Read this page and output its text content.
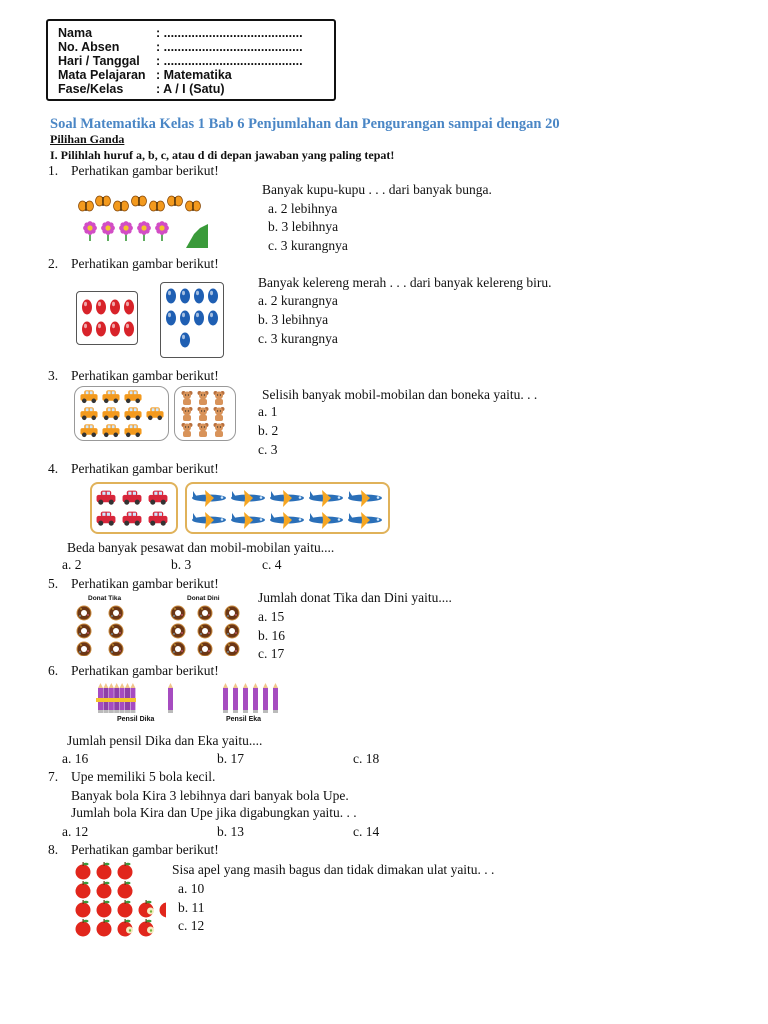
Nama	: ........................................
No. Absen	: ........................................
Hari / Tanggal : ........................................
Mata Pelajaran : Matematika
Fase/Kelas	: A / I (Satu)
Soal Matematika Kelas 1 Bab 6 Penjumlahan dan Pengurangan sampai dengan 20
Pilihan Ganda
I. Pilihlah huruf a, b, c, atau d di depan jawaban yang paling tepat!
1. Perhatikan gambar berikut!
Banyak kupu-kupu . . . dari banyak bunga.
a. 2 lebihnya
b. 3 lebihnya
c. 3 kurangnya
2. Perhatikan gambar berikut!
Banyak kelereng merah . . . dari banyak kelereng biru.
a. 2 kurangnya
b. 3 lebihnya
c. 3 kurangnya
3. Perhatikan gambar berikut!
Selisih banyak mobil-mobilan dan boneka yaitu. . .
a. 1
b. 2
c. 3
4. Perhatikan gambar berikut!
Beda banyak pesawat dan mobil-mobilan yaitu....
a. 2	b. 3	c. 4
5. Perhatikan gambar berikut!
Donat Tika	Donat Dini	Jumlah donat Tika dan Dini yaitu....
a. 15
b. 16
c. 17
6. Perhatikan gambar berikut!
Pensil Dika	Pensil Eka
Jumlah pensil Dika dan Eka yaitu....
a. 16	b. 17	c. 18
7. Upe memiliki 5 bola kecil.
Banyak bola Kira 3 lebihnya dari banyak bola Upe.
Jumlah bola Kira dan Upe jika digabungkan yaitu. . .
a. 12	b. 13	c. 14
8. Perhatikan gambar berikut!
Sisa apel yang masih bagus dan tidak dimakan ulat yaitu. . .
a. 10
b. 11
c. 12
